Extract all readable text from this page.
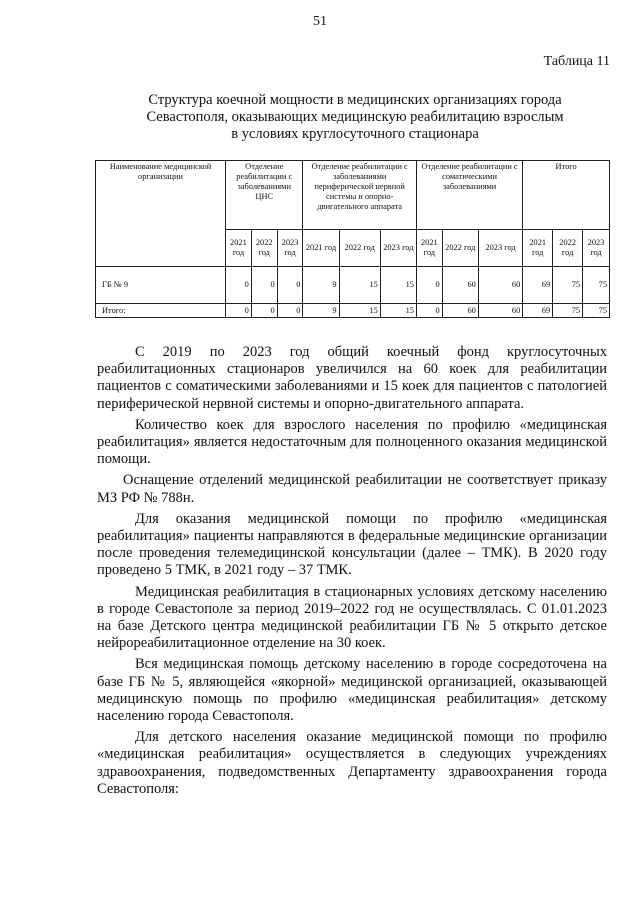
51
Таблица 11
Структура коечной мощности в медицинских организациях города
Севастополя, оказывающих медицинскую реабилитацию взрослым
в условиях круглосуточного стационара
Наименование медицинской организации	Отделение реабилитации с заболеваниями ЦНС			Отделение реабилитации с заболеваниями периферической нервной системы и опорно-двигательного аппарата			Отделение реабилитации с соматическими заболеваниями			Итого		
	2021 год	2022 год	2023 год	2021 год	2022 год	2023 год	2021 год	2022 год	2023 год	2021 год	2022 год	2023 год
ГБ № 9	0	0	0	9	15	15	0	60	60	69	75	75
Итого:	0	0	0	9	15	15	0	60	60	69	75	75

С 2019 по 2023 год общий коечный фонд круглосуточных реабилитационных стационаров увеличился на 60 коек для реабилитации пациентов с соматическими заболеваниями и 15 коек для пациентов с патологией периферической нервной системы и опорно-двигательного аппарата.

Количество коек для взрослого населения по профилю «медицинская реабилитация» является недостаточным для полноценного оказания медицинской помощи.

Оснащение отделений медицинской реабилитации не соответствует приказу МЗ РФ № 788н.

Для оказания медицинской помощи по профилю «медицинская реабилитация» пациенты направляются в федеральные медицинские организации после проведения телемедицинской консультации (далее – ТМК). В 2020 году проведено 5 ТМК, в 2021 году – 37 ТМК.

Медицинская реабилитация в стационарных условиях детскому населению в городе Севастополе за период 2019–2022 год не осуществлялась. С 01.01.2023 на базе Детского центра медицинской реабилитации ГБ № 5 открыто детское нейрореабилитационное отделение на 30 коек.

Вся медицинская помощь детскому населению в городе сосредоточена на базе ГБ № 5, являющейся «якорной» медицинской организацией, оказывающей медицинскую помощь по профилю «медицинская реабилитация» детскому населению города Севастополя.

Для детского населения оказание медицинской помощи по профилю «медицинская реабилитация» осуществляется в следующих учреждениях здравоохранения, подведомственных Департаменту здравоохранения города Севастополя:
